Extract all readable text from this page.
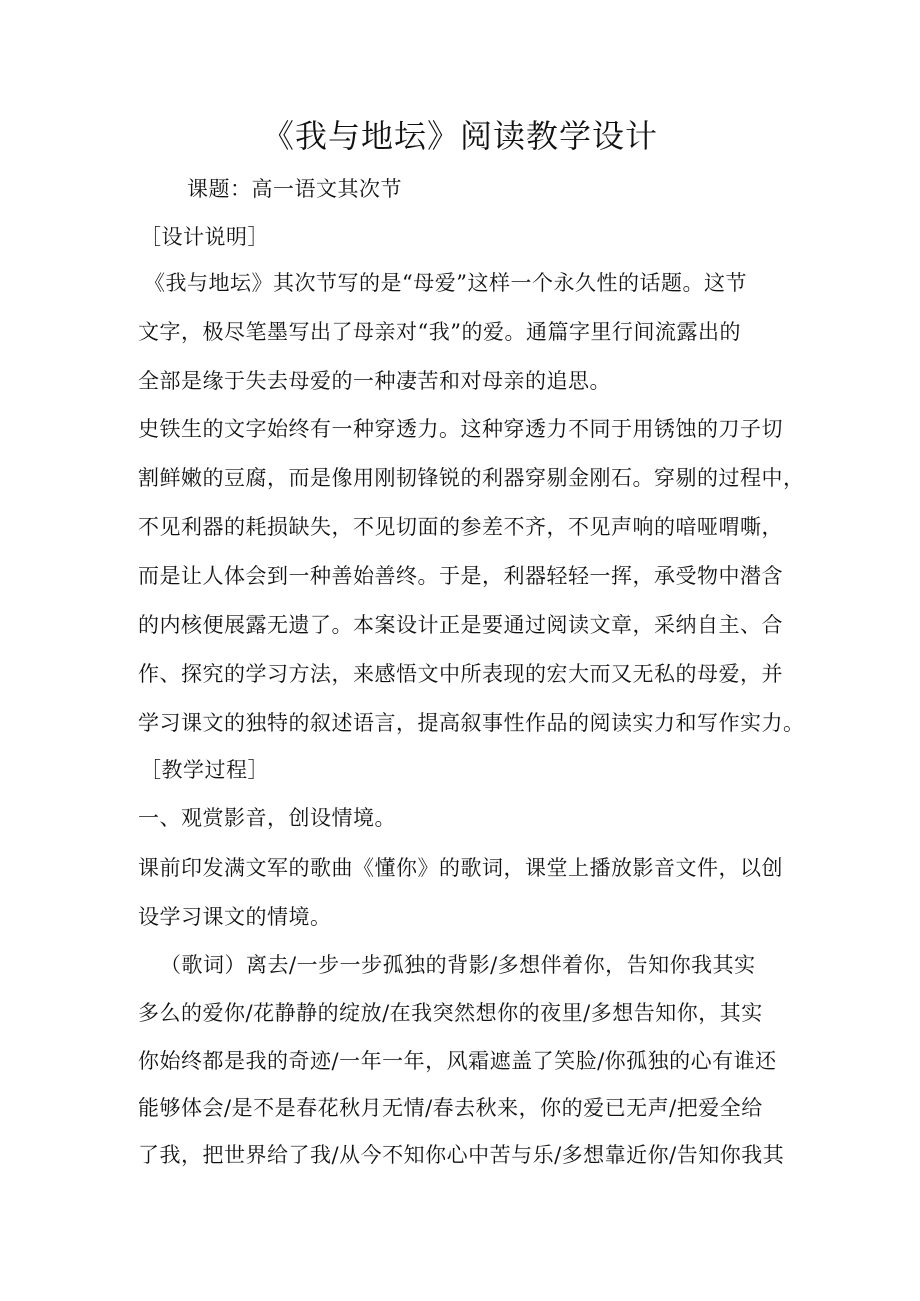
《我与地坛》阅读教学设计
课题：高一语文其次节
［设计说明］
《我与地坛》其次节写的是“母爱”这样一个永久性的话题。这节
文字，极尽笔墨写出了母亲对“我”的爱。通篇字里行间流露出的
全部是缘于失去母爱的一种凄苦和对母亲的追思。
史铁生的文字始终有一种穿透力。这种穿透力不同于用锈蚀的刀子切
割鲜嫩的豆腐，而是像用刚韧锋锐的利器穿剔金刚石。穿剔的过程中，
不见利器的耗损缺失，不见切面的参差不齐，不见声响的喑哑喟嘶，
而是让人体会到一种善始善终。于是，利器轻轻一挥，承受物中潜含
的内核便展露无遗了。本案设计正是要通过阅读文章，采纳自主、合
作、探究的学习方法，来感悟文中所表现的宏大而又无私的母爱，并
学习课文的独特的叙述语言，提高叙事性作品的阅读实力和写作实力。
［教学过程］
一、观赏影音，创设情境。
课前印发满文军的歌曲《懂你》的歌词，课堂上播放影音文件，以创
设学习课文的情境。
（歌词）离去/一步一步孤独的背影/多想伴着你，告知你我其实
多么的爱你/花静静的绽放/在我突然想你的夜里/多想告知你，其实
你始终都是我的奇迹/一年一年，风霜遮盖了笑脸/你孤独的心有谁还
能够体会/是不是春花秋月无情/春去秋来，你的爱已无声/把爱全给
了我，把世界给了我/从今不知你心中苦与乐/多想靠近你/告知你我其
